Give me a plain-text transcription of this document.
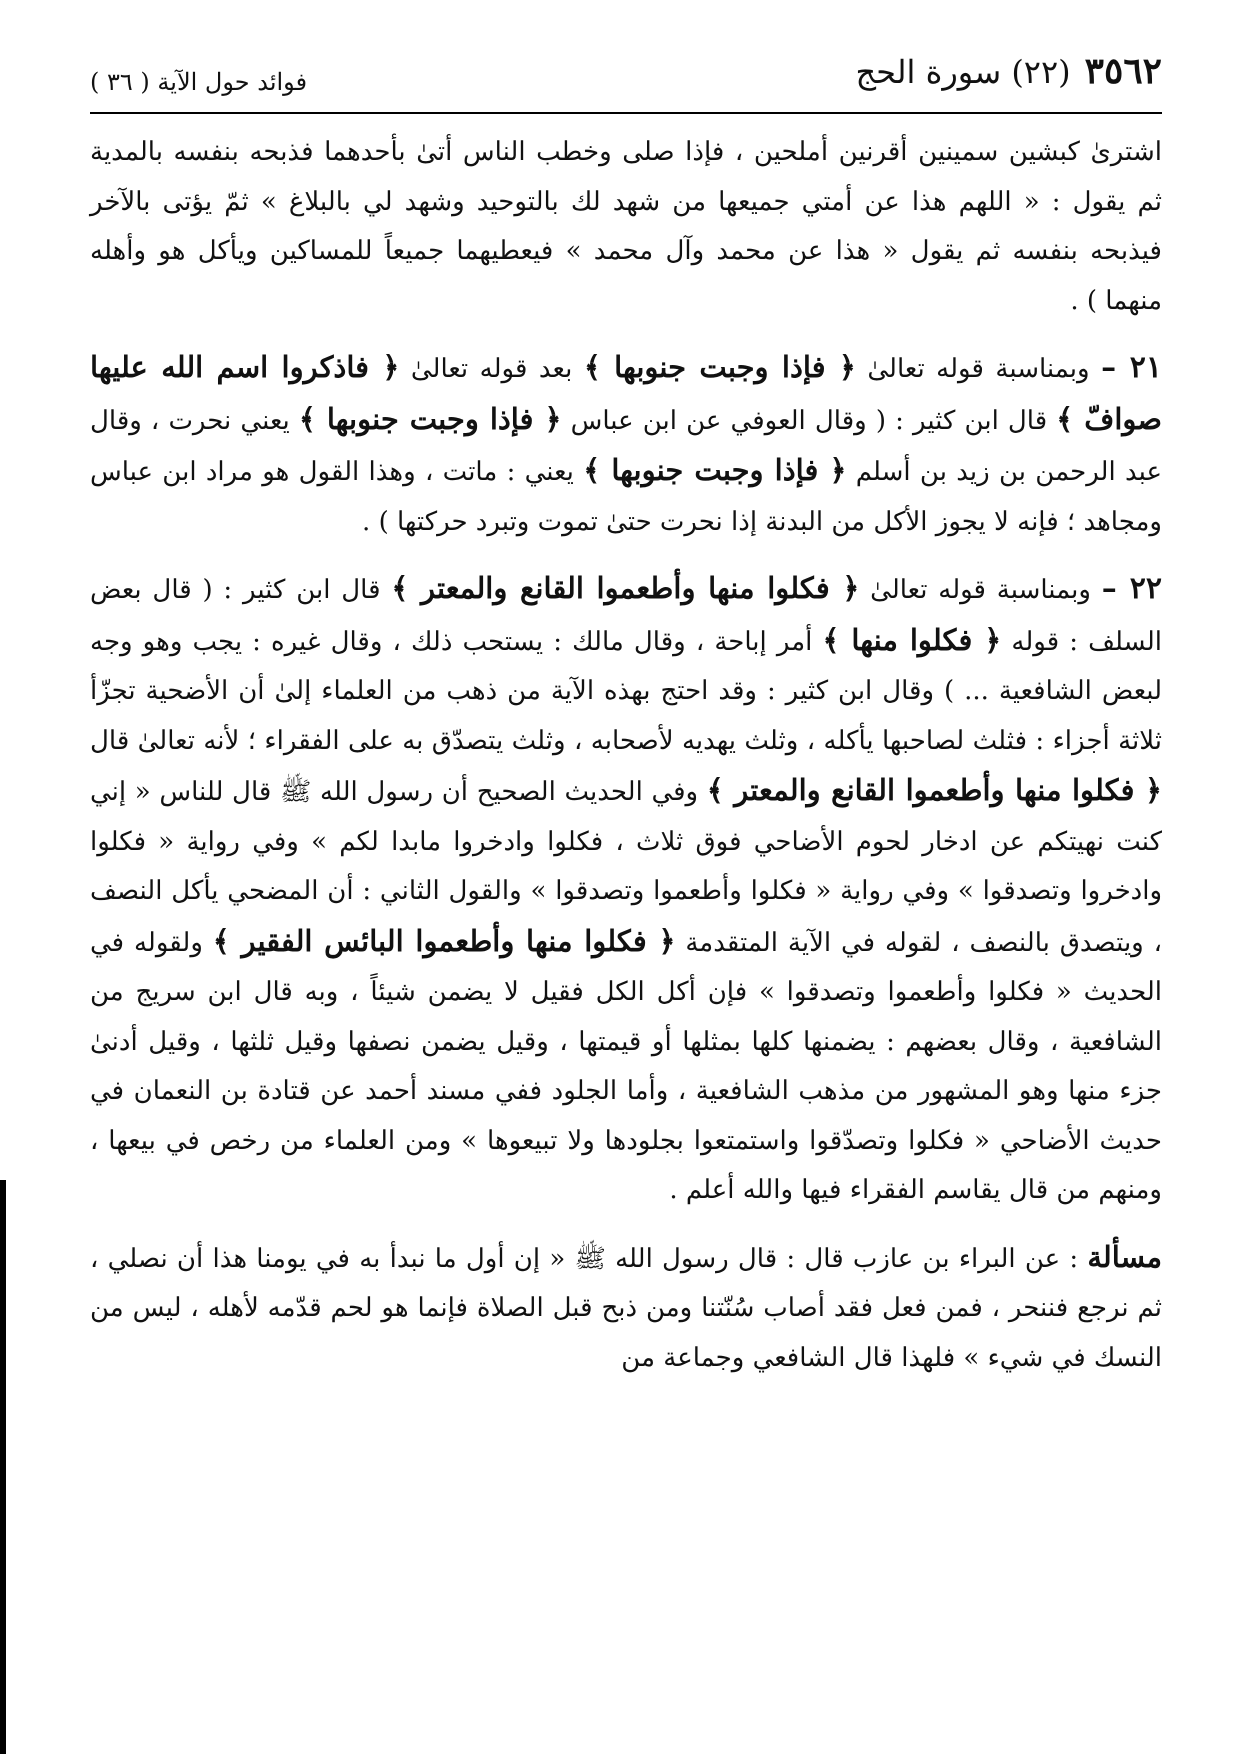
٣٥٦٢(٢٢) سورة الحج
فوائد حول الآية ( ٣٦ )

اشترىٰ كبشين سمينين أقرنين أملحين ، فإذا صلى وخطب الناس أتىٰ بأحدهما فذبحه بنفسه بالمدية ثم يقول : « اللهم هذا عن أمتي جميعها من شهد لك بالتوحيد وشهد لي بالبلاغ » ثمّ يؤتى بالآخر فيذبحه بنفسه ثم يقول « هذا عن محمد وآل محمد » فيعطيهما جميعاً للمساكين ويأكل هو وأهله منهما ) .

٢١ – وبمناسبة قوله تعالىٰ ﴿ فإذا وجبت جنوبها ﴾ بعد قوله تعالىٰ ﴿ فاذكروا اسم الله عليها صوافّ ﴾ قال ابن كثير : ( وقال العوفي عن ابن عباس ﴿ فإذا وجبت جنوبها ﴾ يعني نحرت ، وقال عبد الرحمن بن زيد بن أسلم ﴿ فإذا وجبت جنوبها ﴾ يعني : ماتت ، وهذا القول هو مراد ابن عباس ومجاهد ؛ فإنه لا يجوز الأكل من البدنة إذا نحرت حتىٰ تموت وتبرد حركتها ) .

٢٢ – وبمناسبة قوله تعالىٰ ﴿ فكلوا منها وأطعموا القانع والمعتر ﴾ قال ابن كثير : ( قال بعض السلف : قوله ﴿ فكلوا منها ﴾ أمر إباحة ، وقال مالك : يستحب ذلك ، وقال غيره : يجب وهو وجه لبعض الشافعية ... ) وقال ابن كثير : وقد احتج بهذه الآية من ذهب من العلماء إلىٰ أن الأضحية تجزّأ ثلاثة أجزاء : فثلث لصاحبها يأكله ، وثلث يهديه لأصحابه ، وثلث يتصدّق به على الفقراء ؛ لأنه تعالىٰ قال ﴿ فكلوا منها وأطعموا القانع والمعتر ﴾ وفي الحديث الصحيح أن رسول الله ﷺ قال للناس « إني كنت نهيتكم عن ادخار لحوم الأضاحي فوق ثلاث ، فكلوا وادخروا مابدا لكم » وفي رواية « فكلوا وادخروا وتصدقوا » وفي رواية « فكلوا وأطعموا وتصدقوا » والقول الثاني : أن المضحي يأكل النصف ، ويتصدق بالنصف ، لقوله في الآية المتقدمة ﴿ فكلوا منها وأطعموا البائس الفقير ﴾ ولقوله في الحديث « فكلوا وأطعموا وتصدقوا » فإن أكل الكل فقيل لا يضمن شيئاً ، وبه قال ابن سريج من الشافعية ، وقال بعضهم : يضمنها كلها بمثلها أو قيمتها ، وقيل يضمن نصفها وقيل ثلثها ، وقيل أدنىٰ جزء منها وهو المشهور من مذهب الشافعية ، وأما الجلود ففي مسند أحمد عن قتادة بن النعمان في حديث الأضاحي « فكلوا وتصدّقوا واستمتعوا بجلودها ولا تبيعوها » ومن العلماء من رخص في بيعها ، ومنهم من قال يقاسم الفقراء فيها والله أعلم .

مسألة : عن البراء بن عازب قال : قال رسول الله ﷺ « إن أول ما نبدأ به في يومنا هذا أن نصلي ، ثم نرجع فننحر ، فمن فعل فقد أصاب سُنّتنا ومن ذبح قبل الصلاة فإنما هو لحم قدّمه لأهله ، ليس من النسك في شيء » فلهذا قال الشافعي وجماعة من
